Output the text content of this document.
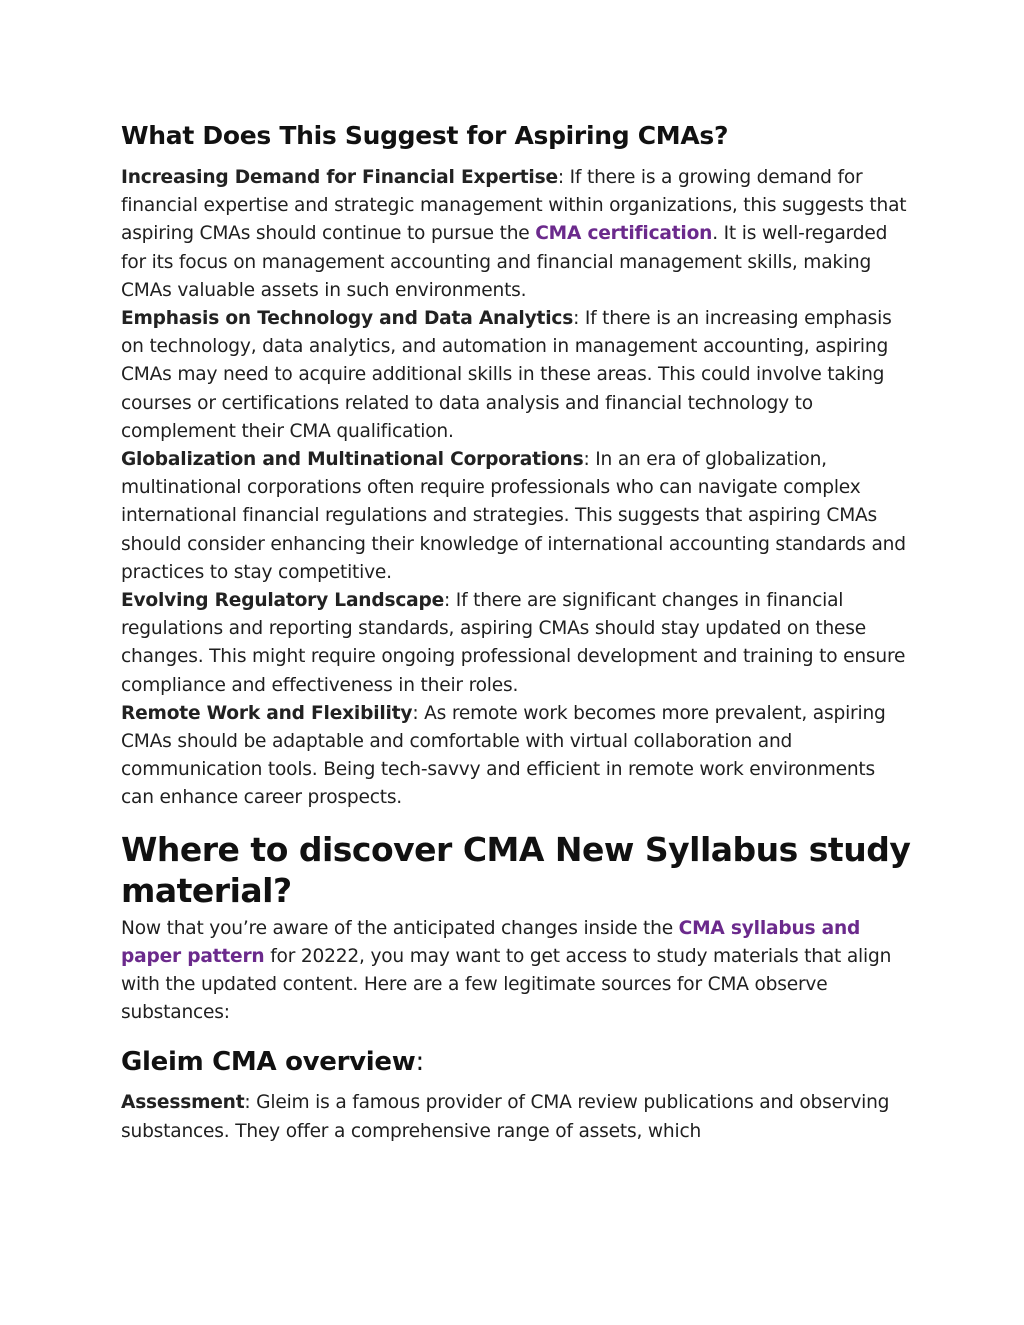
What Does This Suggest for Aspiring CMAs?

Increasing Demand for Financial Expertise: If there is a growing demand for financial expertise and strategic management within organizations, this suggests that aspiring CMAs should continue to pursue the CMA certification. It is well-regarded for its focus on management accounting and financial management skills, making CMAs valuable assets in such environments.

Emphasis on Technology and Data Analytics: If there is an increasing emphasis on technology, data analytics, and automation in management accounting, aspiring CMAs may need to acquire additional skills in these areas. This could involve taking courses or certifications related to data analysis and financial technology to complement their CMA qualification.

Globalization and Multinational Corporations: In an era of globalization, multinational corporations often require professionals who can navigate complex international financial regulations and strategies. This suggests that aspiring CMAs should consider enhancing their knowledge of international accounting standards and practices to stay competitive.

Evolving Regulatory Landscape: If there are significant changes in financial regulations and reporting standards, aspiring CMAs should stay updated on these changes. This might require ongoing professional development and training to ensure compliance and effectiveness in their roles.

Remote Work and Flexibility: As remote work becomes more prevalent, aspiring CMAs should be adaptable and comfortable with virtual collaboration and communication tools. Being tech-savvy and efficient in remote work environments can enhance career prospects.

Where to discover CMA New Syllabus study material?

Now that you’re aware of the anticipated changes inside the CMA syllabus and paper pattern for 20222, you may want to get access to study materials that align with the updated content. Here are a few legitimate sources for CMA observe substances:

Gleim CMA overview:

Assessment: Gleim is a famous provider of CMA review publications and observing substances. They offer a comprehensive range of assets, which
